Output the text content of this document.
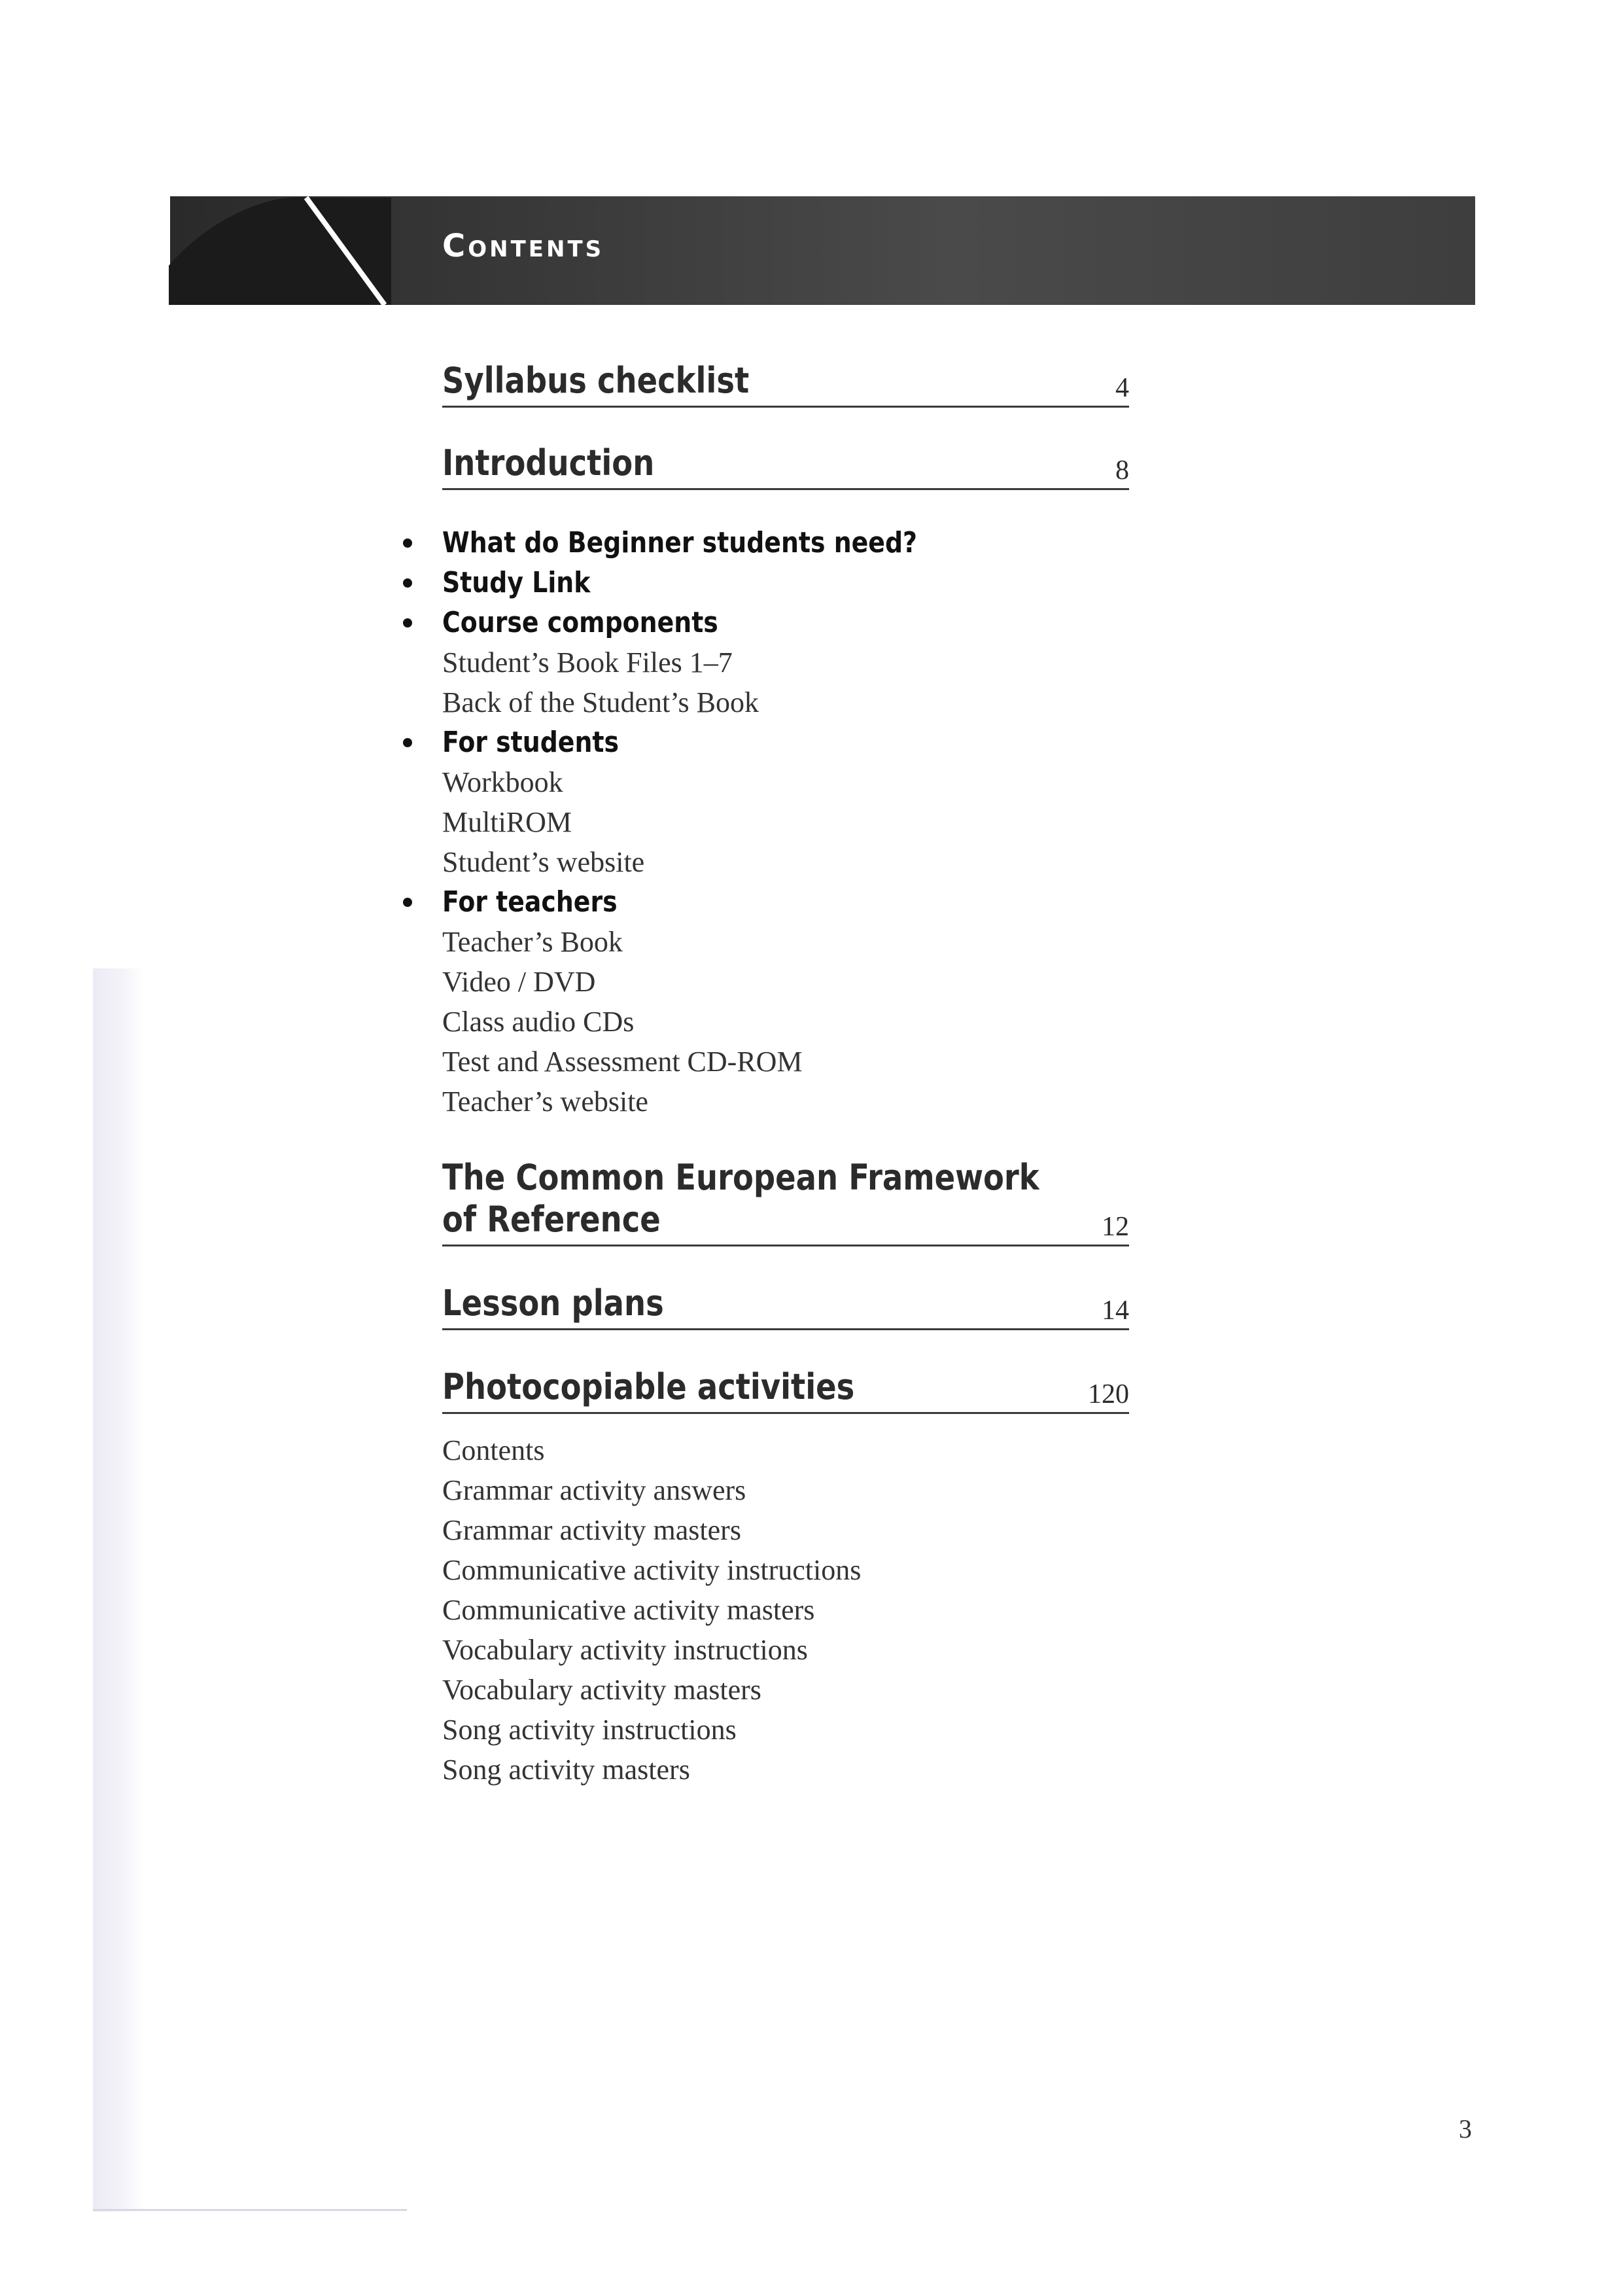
Contents
Syllabus checklist	4
Introduction	8
What do Beginner students need?
Study Link
Course components
Student’s Book Files 1–7
Back of the Student’s Book
For students
Workbook
MultiROM
Student’s website
For teachers
Teacher’s Book
Video / DVD
Class audio CDs
Test and Assessment CD-ROM
Teacher’s website
The Common European Framework
of Reference	12
Lesson plans	14
Photocopiable activities	120
Contents
Grammar activity answers
Grammar activity masters
Communicative activity instructions
Communicative activity masters
Vocabulary activity instructions
Vocabulary activity masters
Song activity instructions
Song activity masters
3
